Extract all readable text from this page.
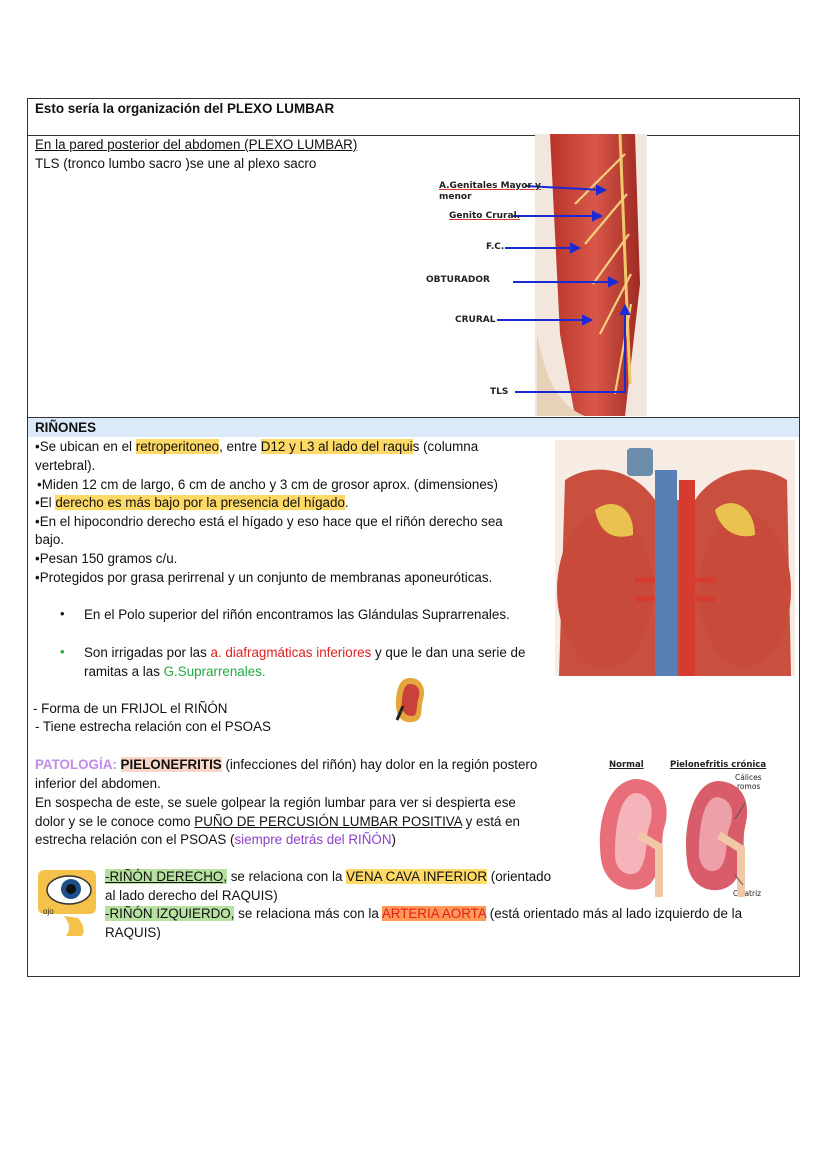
Esto sería la organización del PLEXO LUMBAR
En la pared posterior del abdomen (PLEXO LUMBAR)
TLS (tronco lumbo sacro )se une al plexo sacro
A.Genitales Mayor y
menor
Genito Crural.
F.C.
OBTURADOR
CRURAL
TLS
RIÑONES
•Se ubican en el retroperitoneo, entre D12 y L3 al lado del raquis (columna
vertebral).
•Miden 12 cm de largo, 6 cm de ancho y 3 cm de grosor aprox. (dimensiones)
•El derecho es más bajo por la presencia del hígado.
•En el hipocondrio derecho está el hígado y eso hace que el riñón derecho sea
bajo.
•Pesan 150 gramos c/u.
•Protegidos por grasa perirrenal y un conjunto de membranas aponeuróticas.
• En el Polo superior del riñón encontramos las Glándulas Suprarrenales.
• Son irrigadas por las a. diafragmáticas inferiores y que le dan una serie de
ramitas a las G.Suprarrenales.
- Forma de un FRIJOL el RIÑÓN
- Tiene estrecha relación con el PSOAS
PATOLOGÍA: PIELONEFRITIS (infecciones del riñón) hay dolor en la región postero
inferior del abdomen.
En sospecha de este, se suele golpear la región lumbar para ver si despierta ese
dolor y se le conoce como PUÑO DE PERCUSIÓN LUMBAR POSITIVA y está en
estrecha relación con el PSOAS (siempre detrás del RIÑÓN)
Normal	Pielonefritis crónica
Cálices
romos
Cicatriz
ojo
-RIÑÓN DERECHO, se relaciona con la VENA CAVA INFERIOR (orientado
al lado derecho del RAQUIS)
-RIÑÓN IZQUIERDO, se relaciona más con la ARTERIA AORTA (está orientado más al lado izquierdo de la
RAQUIS)
